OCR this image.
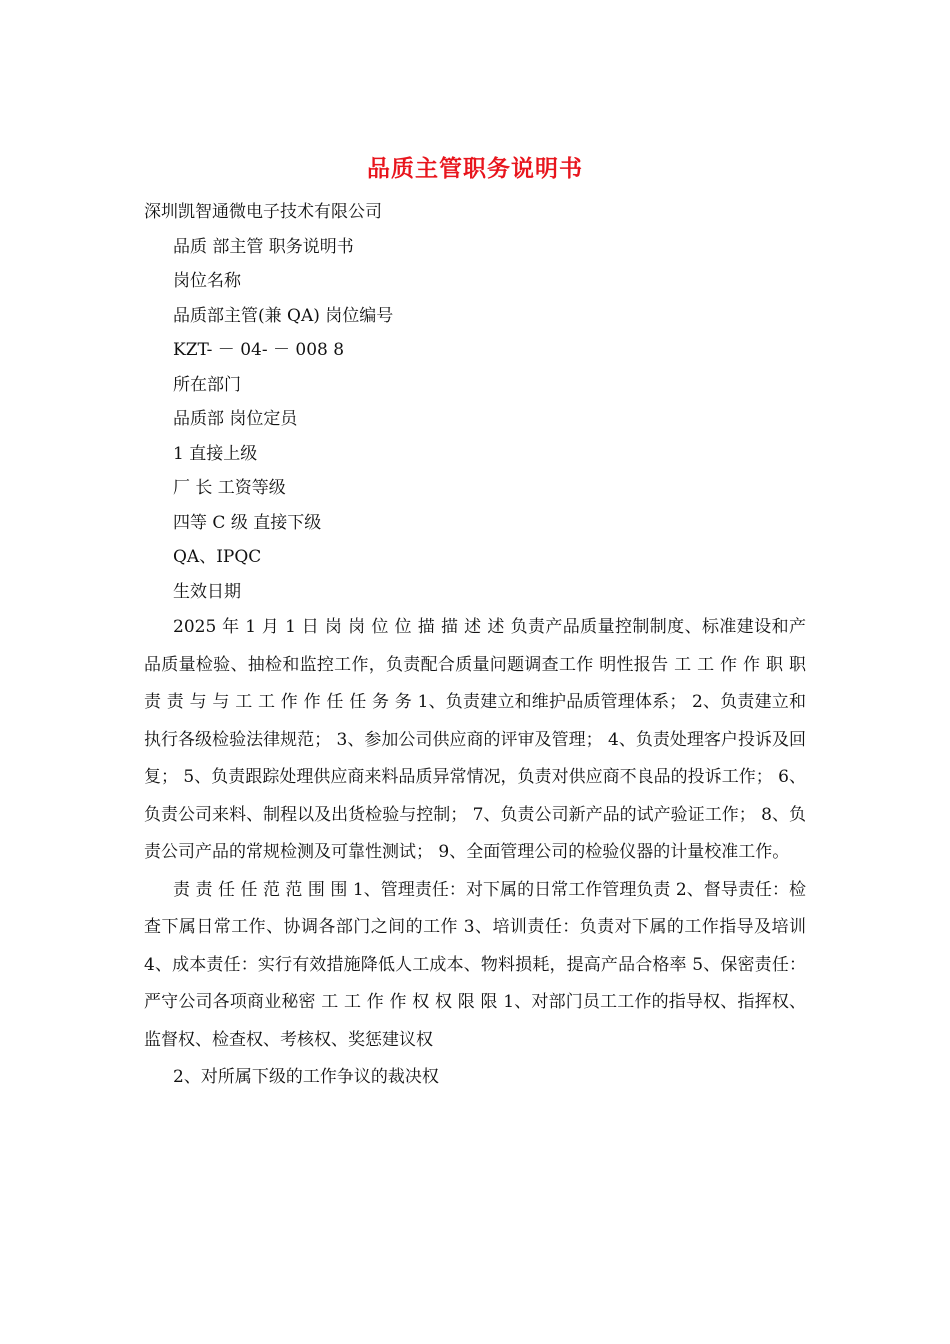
品质主管职务说明书
深圳凯智通微电子技术有限公司
品质 部主管 职务说明书
岗位名称
品质部主管(兼 QA) 岗位编号
KZT- － 04- － 008 8
所在部门
品质部 岗位定员
1 直接上级
厂 长 工资等级
四等 C 级 直接下级
QA、IPQC
生效日期
2025 年 1 月 1 日 岗 岗 位 位 描 描 述 述 负责产品质量控制制度、标准建设和产品质量检验、抽检和监控工作，负责配合质量问题调查工作 明性报告 工 工 作 作 职 职 责 责 与 与 工 工 作 作 任 任 务 务 1、负责建立和维护品质管理体系； 2、负责建立和执行各级检验法律规范； 3、参加公司供应商的评审及管理； 4、负责处理客户投诉及回复； 5、负责跟踪处理供应商来料品质异常情况，负责对供应商不良品的投诉工作； 6、负责公司来料、制程以及出货检验与控制； 7、负责公司新产品的试产验证工作； 8、负责公司产品的常规检测及可靠性测试； 9、全面管理公司的检验仪器的计量校准工作。
责 责 任 任 范 范 围 围 1、管理责任：对下属的日常工作管理负责 2、督导责任：检查下属日常工作、协调各部门之间的工作 3、培训责任：负责对下属的工作指导及培训 4、成本责任：实行有效措施降低人工成本、物料损耗，提高产品合格率 5、保密责任：严守公司各项商业秘密 工 工 作 作 权 权 限 限 1、对部门员工工作的指导权、指挥权、监督权、检查权、考核权、奖惩建议权
2、对所属下级的工作争议的裁决权
